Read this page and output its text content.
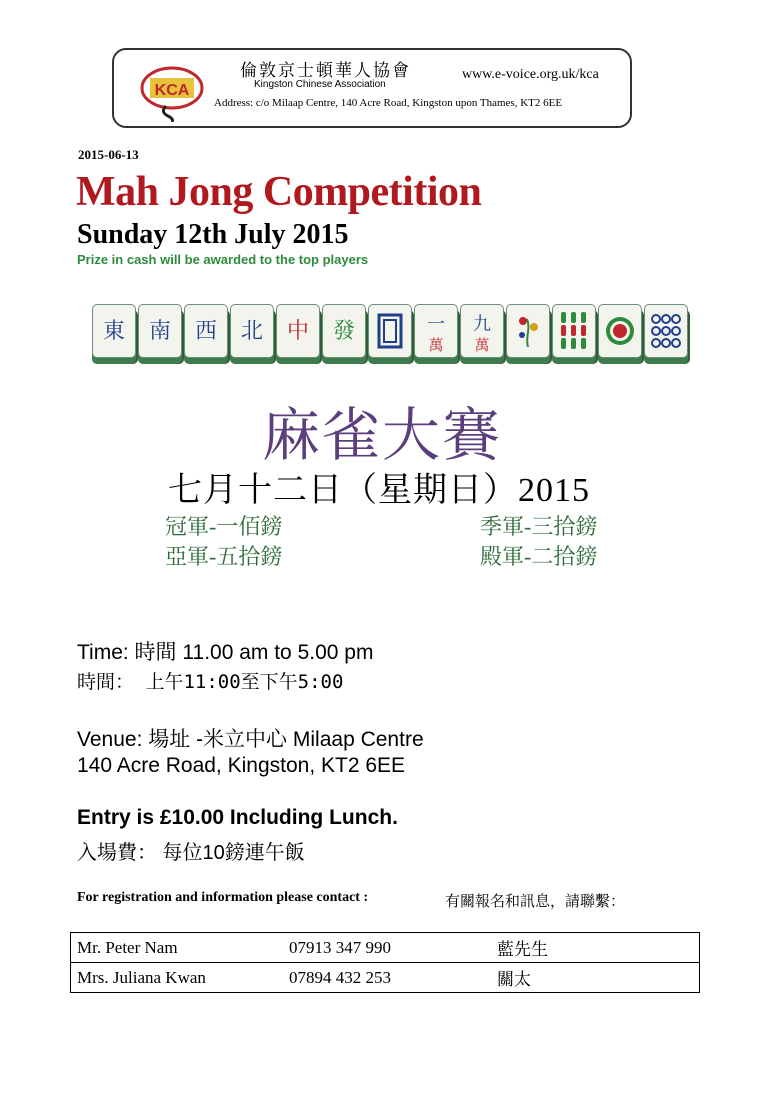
KCA
倫敦京士頓華人協會
Kingston Chinese Association
www.e-voice.org.uk/kca
Address: c/o Milaap Centre, 140 Acre Road, Kingston upon Thames, KT2 6EE
2015-06-13
Mah Jong Competition
Sunday 12th July 2015
Prize in cash will be awarded to the top players
東 南 西 北 中 發	一
萬
九
萬
麻雀大賽
七月十二日（星期日）2015
冠軍-一佰鎊	季軍-三拾鎊
亞軍-五拾鎊	殿軍-二拾鎊
Time: 時間 11.00 am to 5.00 pm
時間： 上午11:00至下午5:00
Venue: 場址 -米立中心 Milaap Centre
140 Acre Road, Kingston, KT2 6EE
Entry is £10.00 Including Lunch.
入場費： 每位10鎊連午飯
For registration and information please contact :	有關報名和訊息，請聯繫：
Mr. Peter Nam	07913 347 990	藍先生
Mrs. Juliana Kwan	07894 432 253	關太
